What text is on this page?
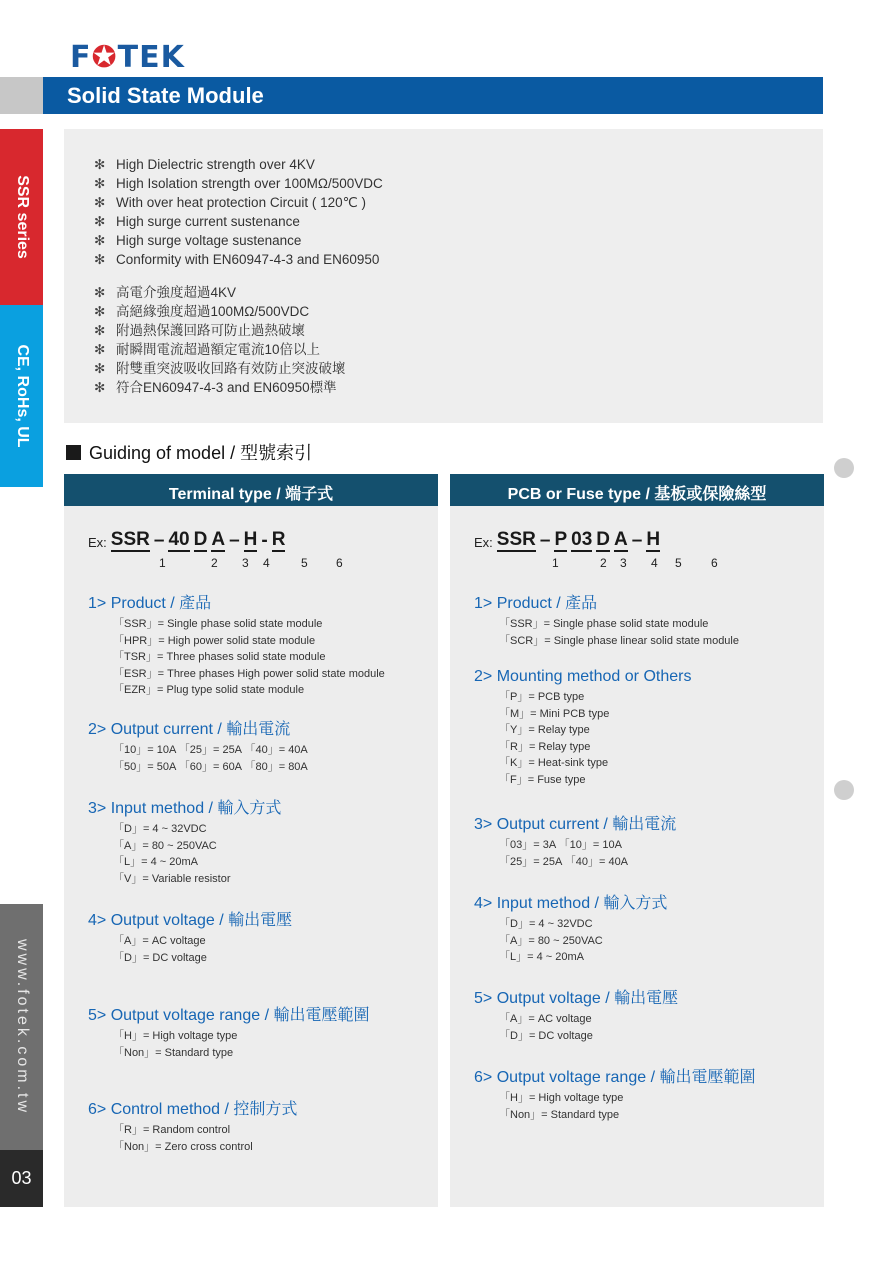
F✪TEK
Solid State Module
SSR series
CE, RoHs, UL
www.fotek.com.tw
03
✻ High Dielectric strength over 4KV
✻ High Isolation strength over 100MΩ/500VDC
✻ With over heat protection Circuit ( 120℃ )
✻ High surge current sustenance
✻ High surge voltage sustenance
✻ Conformity with EN60947-4-3 and EN60950
✻ 高電介強度超過4KV
✻ 高絕緣強度超過100MΩ/500VDC
✻ 附過熱保護回路可防止過熱破壞
✻ 耐瞬間電流超過額定電流10倍以上
✻ 附雙重突波吸收回路有效防止突波破壞
✻ 符合EN60947-4-3 and EN60950標準
Guiding of model / 型號索引
Terminal type / 端子式
Ex: SSR – 40 D A – H - R
1	2 3 4	5 6
1> Product / 產品
「SSR」= Single phase solid state module
「HPR」= High power solid state module
「TSR」= Three phases solid state module
「ESR」= Three phases High power solid state module
「EZR」= Plug type solid state module
2> Output current / 輸出電流
「10」= 10A 「25」= 25A 「40」= 40A
「50」= 50A 「60」= 60A 「80」= 80A
3> Input method / 輸入方式
「D」= 4 ~ 32VDC
「A」= 80 ~ 250VAC
「L」= 4 ~ 20mA
「V」= Variable resistor
4> Output voltage / 輸出電壓
「A」= AC voltage
「D」= DC voltage
5> Output voltage range / 輸出電壓範圍
「H」= High voltage type
「Non」= Standard type
6> Control method / 控制方式
「R」= Random control
「Non」= Zero cross control
PCB or Fuse type / 基板或保險絲型
Ex: SSR – P 03 D A – H
1	2 3 4 5 6
1> Product / 產品
「SSR」= Single phase solid state module
「SCR」= Single phase linear solid state module
2> Mounting method or Others
「P」= PCB type
「M」= Mini PCB type
「Y」= Relay type
「R」= Relay type
「K」= Heat-sink type
「F」= Fuse type
3> Output current / 輸出電流
「03」= 3A 「10」= 10A
「25」= 25A 「40」= 40A
4> Input method / 輸入方式
「D」= 4 ~ 32VDC
「A」= 80 ~ 250VAC
「L」= 4 ~ 20mA
5> Output voltage / 輸出電壓
「A」= AC voltage
「D」= DC voltage
6> Output voltage range / 輸出電壓範圍
「H」= High voltage type
「Non」= Standard type
